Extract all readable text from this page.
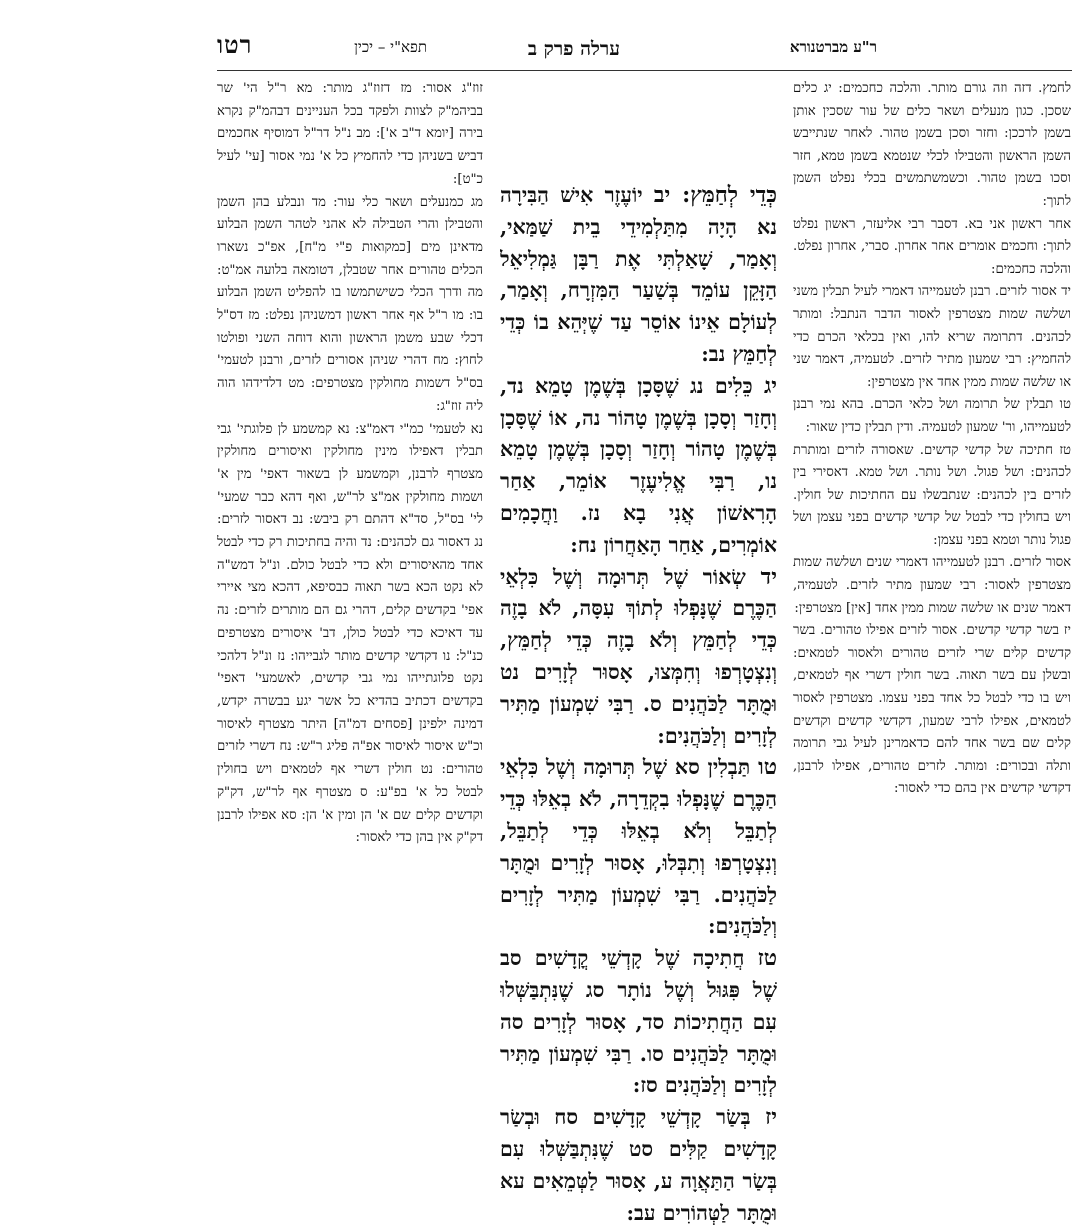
ר"ע מברטנורא
ערלה פרק ב
תפא"י – יכין
רטו

לחמץ. דזה וזה גורם מותר. והלכה כחכמים: יג כלים שסכן. כגון מנעלים ושאר כלים של עור שסכין אותן בשמן לרככן: וחזר וסכן בשמן טהור. לאחר שנתייבש השמן הראשון והטבילו לכלי שנטמא בשמן טמא, חזר וסכו בשמן טהור. וכשמשתמשים בכלי נפלט השמן לתוך:

אחר ראשון אני בא. דסבר רבי אליעזר, ראשון נפלט לתוך: וחכמים אומרים אחר אחרון. סברי, אחרון נפלט. והלכה כחכמים:

יד אסור לזרים. רבנן לטעמייהו דאמרי לעיל תבלין משני ושלשה שמות מצטרפין לאסור הדבר הנתבל: ומותר לכהנים. דתרומה שריא להו, ואין בכלאי הכרם כדי להחמיץ: רבי שמעון מתיר לזרים. לטעמיה, דאמר שני או שלשה שמות ממין אחד אין מצטרפין:

טו תבלין של תרומה ושל כלאי הכרם. בהא נמי רבנן לטעמייהו, ור' שמעון לטעמיה. ודין תבלין כדין שאור:

טז חתיכה של קדשי קדשים. שאסורה לזרים ומותרת לכהנים: ושל פגול. ושל נותר. ושל טמא. דאסירי בין לזרים בין לכהנים: שנתבשלו עם החתיכות של חולין. ויש בחולין כדי לבטל של קדשי קדשים בפני עצמן ושל פגול נותר וטמא בפני עצמן:

אסור לזרים. רבנן לטעמייהו דאמרי שנים ושלשה שמות מצטרפין לאסור: רבי שמעון מתיר לזרים. לטעמיה, דאמר שנים או שלשה שמות ממין אחד [אין] מצטרפין:

יז בשר קדשי קדשים. אסור לזרים אפילו טהורים. בשר קדשים קלים שרי לזרים טהורים ולאסור לטמאים: ובשלן עם בשר תאוה. בשר חולין דשרי אף לטמאים, ויש בו כדי לבטל כל אחד בפני עצמו. מצטרפין לאסור לטמאים, אפילו לרבי שמעון, דקדשי קדשים וקדשים קלים שם בשר אחד להם כדאמרינן לעיל גבי תרומה ותלה ובכורים: ומותר. לזרים טהורים, אפילו לרבנן, דקדשי קדשים אין בהם כדי לאסור:

כְּדֵי לְחַמֵּץ: יב יוֹעֶזֶר אִישׁ הַבִּירָה נא הָיָה מִתַּלְמִידֵי בֵית שַׁמַּאי, וְאָמַר, שָׁאַלְתִּי אֶת רַבָּן גַּמְלִיאֵל הַזָּקֵן עוֹמֵד בְּשַׁעַר הַמִּזְרָח, וְאָמַר, לְעוֹלָם אֵינוֹ אוֹסֵר עַד שֶׁיְּהֵא בוֹ כְּדֵי לְחַמֵּץ נב:

יג כֵּלִים נג שֶׁסָּכָן בְּשֶׁמֶן טָמֵא נד, וְחָזַר וְסָכָן בְּשֶׁמֶן טָהוֹר נה, אוֹ שֶׁסָּכָן בְּשֶׁמֶן טָהוֹר וְחָזַר וְסָכָן בְּשֶׁמֶן טָמֵא נו, רַבִּי אֱלִיעֶזֶר אוֹמֵר, אַחַר הָרִאשׁוֹן אֲנִי בָא נז. וַחֲכָמִים אוֹמְרִים, אַחַר הָאַחֲרוֹן נח:

יד שְׂאוֹר שֶׁל תְּרוּמָה וְשֶׁל כִּלְאֵי הַכֶּרֶם שֶׁנָּפְלוּ לְתוֹךְ עִסָּה, לֹא בָזֶה כְּדֵי לְחַמֵּץ וְלֹא בָזֶה כְּדֵי לְחַמֵּץ, וְנִצְטָרְפוּ וְחִמְּצוּ, אָסוּר לְזָרִים נט וּמֻתָּר לַכֹּהֲנִים ס. רַבִּי שִׁמְעוֹן מַתִּיר לְזָרִים וְלַכֹּהֲנִים:

טו תַּבְלִין סא שֶׁל תְּרוּמָה וְשֶׁל כִּלְאֵי הַכֶּרֶם שֶׁנָּפְלוּ בִקְדֵרָה, לֹא בְאֵלּוּ כְּדֵי לְתַבֵּל וְלֹא בְאֵלּוּ כְּדֵי לְתַבֵּל, וְנִצְטָרְפוּ וְתִבְּלוּ, אָסוּר לְזָרִים וּמֻתָּר לַכֹּהֲנִים. רַבִּי שִׁמְעוֹן מַתִּיר לְזָרִים וְלַכֹּהֲנִים:

טז חֲתִיכָה שֶׁל קָדְשֵׁי קֳדָשִׁים סב שֶׁל פִּגּוּל וְשֶׁל נוֹתָר סג שֶׁנִּתְבַּשְּׁלוּ עִם הַחֲתִיכוֹת סד, אָסוּר לְזָרִים סה וּמֻתָּר לַכֹּהֲנִים סו. רַבִּי שִׁמְעוֹן מַתִּיר לְזָרִים וְלַכֹּהֲנִים סז:

יז בְּשַׂר קָדְשֵׁי קָדָשִׁים סח וּבְשַׂר קָדָשִׁים קַלִּים סט שֶׁנִּתְבַּשְּׁלוּ עִם בְּשַׂר הַתַּאֲוָה ע, אָסוּר לַטְּמֵאִים עא וּמֻתָּר לַטְּהוֹרִים עב:

זוז"ג אסור: מז דזוז"ג מותר: מא ר"ל הי' שר בביהמ"ק לצוות ולפקד בכל העניינים דבהמ"ק נקרא בירה [יומא ד"ב א']: מב נ"ל דר"ל דמוסיף אחכמים דביש בשניהן כדי להחמיץ כל א' נמי אסור [עי' לעיל כ"ט]:

מג כמנעלים ושאר כלי עור: מד ונבלע בהן השמן והטבילן והרי הטבילה לא אהני לטהר השמן הבלוע מדאינן מים [כמקואות פ"י מ"ח], אפ"כ נשארו הכלים טהורים אחר שטבלן, דטומאה בלועה אמ"ט: מה ודרך הכלי כשישתמשו בו להפליט השמן הבלוע בו: מו ר"ל אף אחר ראשון דמשניהן נפלט: מז דס"ל דכלי שבע משמן הראשון והוא דוחה השני ופולטו לחוץ: מח דהרי שניהן אסורים לזרים, ורבנן לטעמי' בס"ל דשמות מחולקין מצטרפים: מט דלדידהו הוה ליה זוז"ג:

נא לטעמי' כמ"י דאמ"צ: נא קמשמע לן פלוגתי' גבי תבלין דאפילו מינין מחולקין ואיסורים מחולקין מצטרף לרבנן, וקמשמע לן בשאור דאפי' מין א' ושמות מחולקין אמ"צ לר"ש, ואף דהא כבר שמעי' לי' בס"ל, סד"א דהתם רק ביבש: נב דאסור לזרים: נג דאסור גם לכהנים: נד והיה בחתיכות רק כדי לבטל אחד מהאיסורים ולא כדי לבטל כולם. ונ"ל דמש"ה לא נקט הכא בשר תאוה כבסיפא, דהכא מצי איירי אפי' בקדשים קלים, דהרי גם הם מותרים לזרים: נה עד דאיכא כדי לבטל כולן, דב' איסורים מצטרפים כנ"ל: נו דקדשי קדשים מותר לגבייהו: נז ונ"ל דלהכי נקט פלוגתייהו נמי גבי קדשים, לאשמעי' דאפי' בקדשים דכתיב בהדיא כל אשר יגע בבשרה יקדש, דמינה ילפינן [פסחים דמ"ה] היתר מצטרף לאיסור וכ"ש איסור לאיסור אפ"ה פליג ר"ש: נח דשרי לזרים טהורים: נט חולין דשרי אף לטמאים ויש בחולין לבטל כל א' בפ"ע: ס מצטרף אף לר"ש, דק"ק וקדשים קלים שם א' הן ומין א' הן: סא אפילו לרבנן דק"ק אין בהן כדי לאסור:
